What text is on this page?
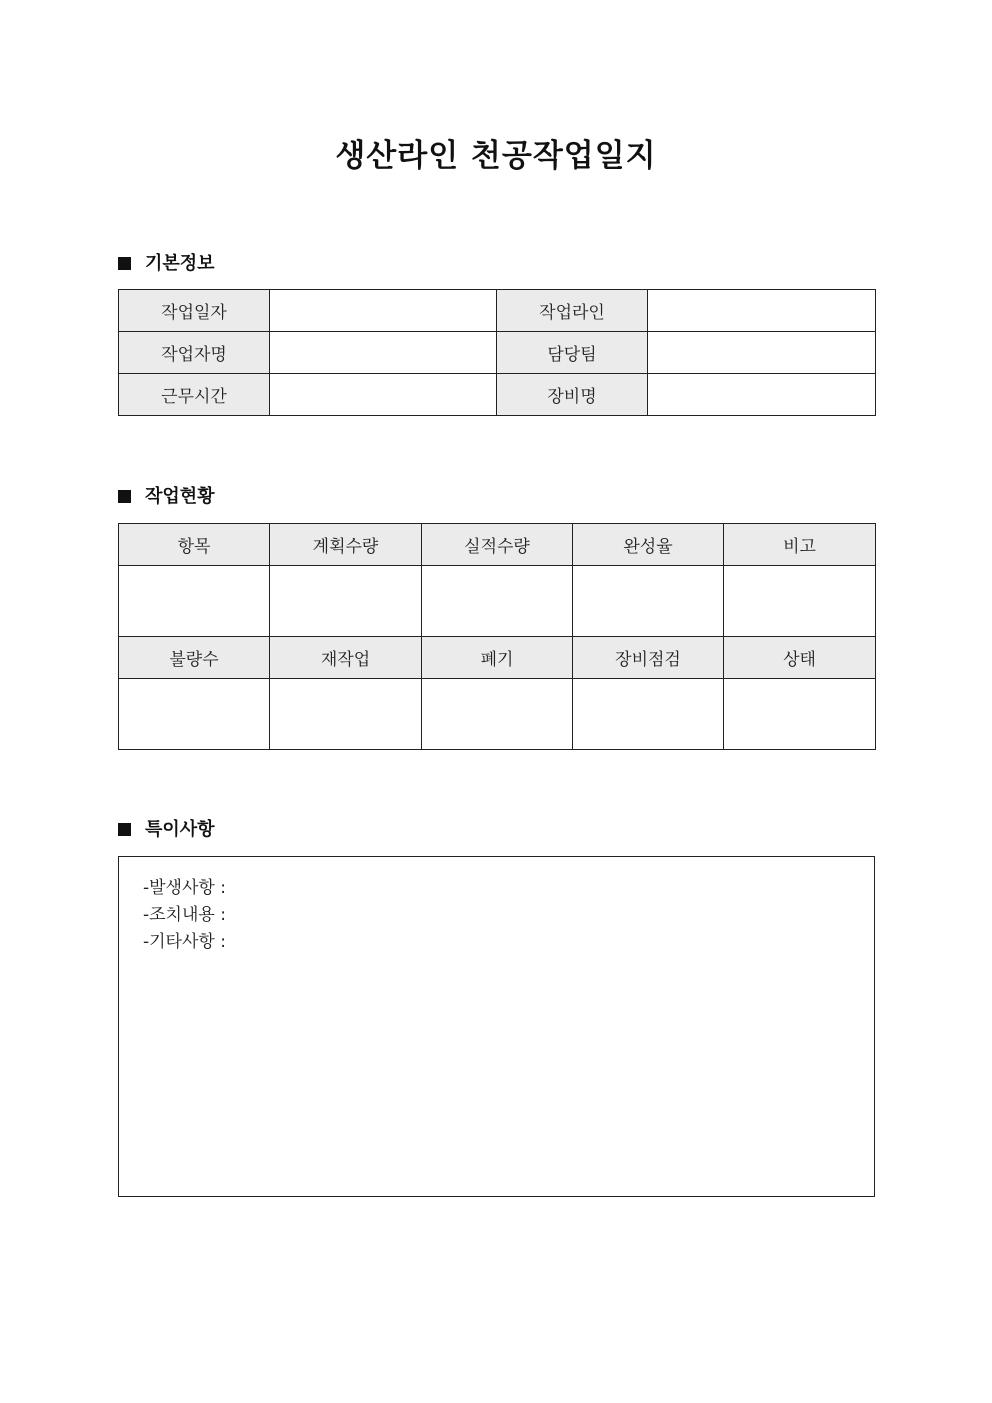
생산라인 천공작업일지
기본정보
작업일자		작업라인	
작업자명		담당팀	
근무시간		장비명	
작업현황
항목	계획수량	실적수량	완성율	비고

불량수	재작업	폐기	장비점검	상태

특이사항
-발생사항 :
-조치내용 :
-기타사항 :
